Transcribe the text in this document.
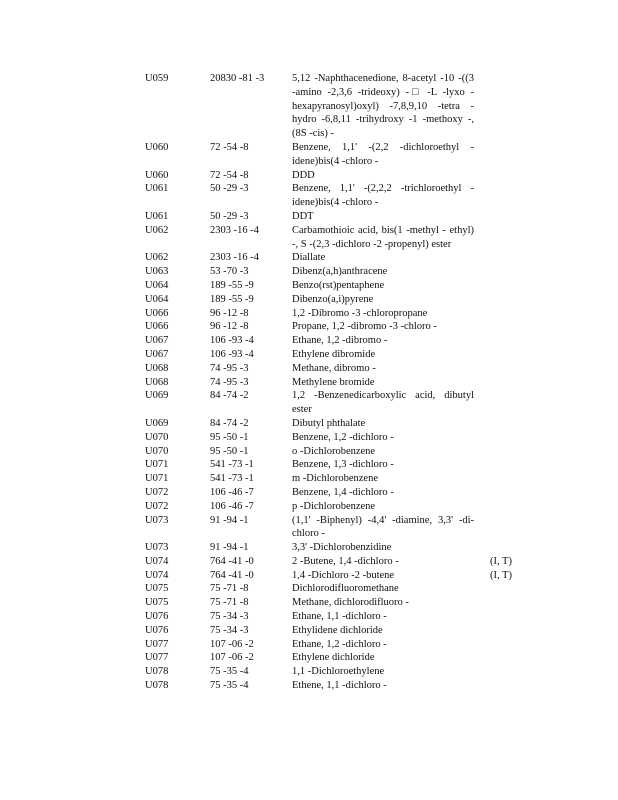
U059	20830 -81 -3	5,12 -Naphthacenedione, 8-acetyl -10 -((3 -amino -2,3,6 -trideoxy) -□ -L -lyxo -hexapyranosyl)oxyl) -7,8,9,10 -tetra - hydro -6,8,11 -trihydroxy -1 -methoxy -, (8S -cis) -
U060	72 -54 -8	Benzene, 1,1' -(2,2 -dichloroethyl - idene)bis(4 -chloro -
U060	72 -54 -8	DDD
U061	50 -29 -3	Benzene, 1,1' -(2,2,2 -trichloroethyl - idene)bis(4 -chloro -
U061	50 -29 -3	DDT
U062	2303 -16 -4	Carbamothioic acid, bis(1 -methyl - ethyl) -, S -(2,3 -dichloro -2 -propenyl) ester
U062	2303 -16 -4	Diallate
U063	53 -70 -3	Dibenz(a,h)anthracene
U064	189 -55 -9	Benzo(rst)pentaphene
U064	189 -55 -9	Dibenzo(a,i)pyrene
U066	96 -12 -8	1,2 -Dibromo -3 -chloropropane
U066	96 -12 -8	Propane, 1,2 -dibromo -3 -chloro -
U067	106 -93 -4	Ethane, 1,2 -dibromo -
U067	106 -93 -4	Ethylene dibromide
U068	74 -95 -3	Methane, dibromo -
U068	74 -95 -3	Methylene bromide
U069	84 -74 -2	1,2 -Benzenedicarboxylic acid, dibutyl ester
U069	84 -74 -2	Dibutyl phthalate
U070	95 -50 -1	Benzene, 1,2 -dichloro -
U070	95 -50 -1	o -Dichlorobenzene
U071	541 -73 -1	Benzene, 1,3 -dichloro -
U071	541 -73 -1	m -Dichlorobenzene
U072	106 -46 -7	Benzene, 1,4 -dichloro -
U072	106 -46 -7	p -Dichlorobenzene
U073	91 -94 -1	(1,1' -Biphenyl) -4,4' -diamine, 3,3' -di- chloro -
U073	91 -94 -1	3,3' -Dichlorobenzidine
U074	764 -41 -0	2 -Butene, 1,4 -dichloro -	(I, T)
U074	764 -41 -0	1,4 -Dichloro -2 -butene	(I, T)
U075	75 -71 -8	Dichlorodifluoromethane
U075	75 -71 -8	Methane, dichlorodifluoro -
U076	75 -34 -3	Ethane, 1,1 -dichloro -
U076	75 -34 -3	Ethylidene dichloride
U077	107 -06 -2	Ethane, 1,2 -dichloro -
U077	107 -06 -2	Ethylene dichloride
U078	75 -35 -4	1,1 -Dichloroethylene
U078	75 -35 -4	Ethene, 1,1 -dichloro -
